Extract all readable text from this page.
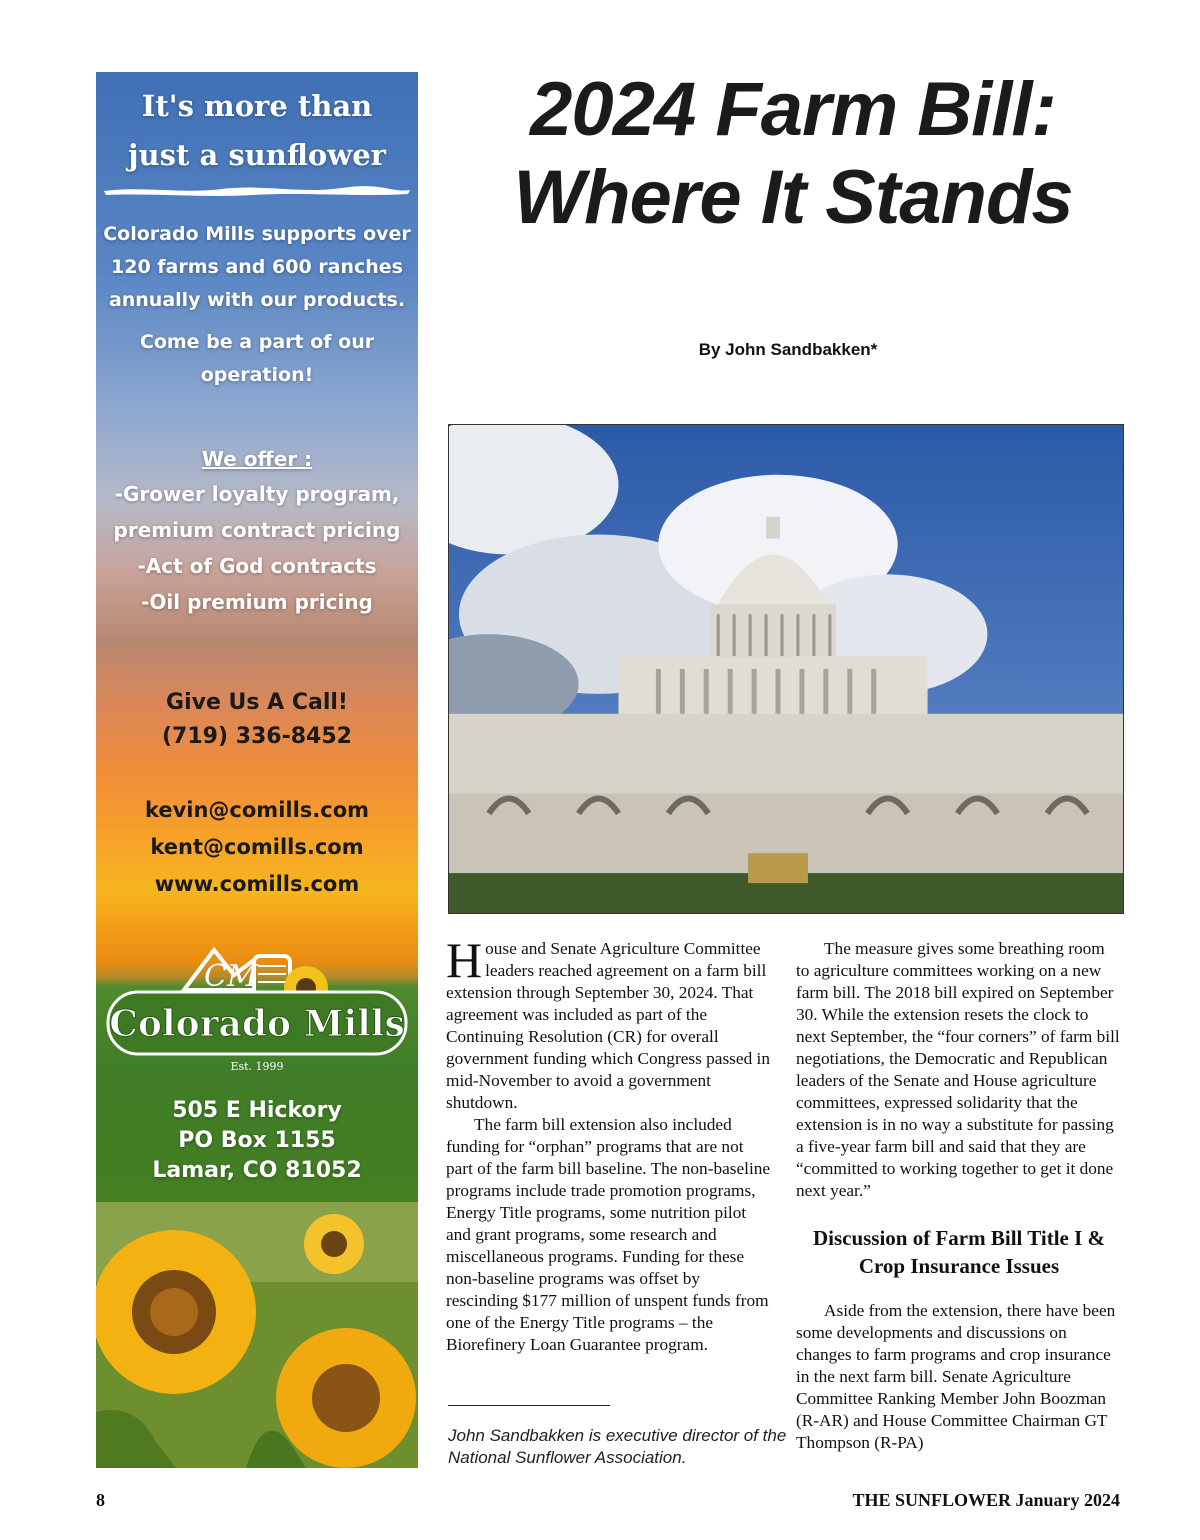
It's more than
just a sunflower
Colorado Mills supports over
120 farms and 600 ranches
annually with our products.
Come be a part of our
operation!
We offer :
-Grower loyalty program,
premium contract pricing
-Act of God contracts
-Oil premium pricing
Give Us A Call!
(719) 336-8452
kevin@comills.com
kent@comills.com
www.comills.com
CM
Colorado Mills
Est. 1999
505 E Hickory
PO Box 1155
Lamar, CO 81052
2024 Farm Bill:
Where It Stands
By John Sandbakken*

House and Senate Agriculture Committee leaders reached agreement on a farm bill extension through September 30, 2024. That agreement was included as part of the Continuing Resolution (CR) for overall government funding which Congress passed in mid-November to avoid a government shutdown.

The farm bill extension also included funding for “orphan” programs that are not part of the farm bill baseline. The non-baseline programs include trade promotion programs, Energy Title programs, some nutrition pilot and grant programs, some research and miscellaneous programs. Funding for these non-baseline programs was offset by rescinding $177 million of unspent funds from one of the Energy Title programs – the Biorefinery Loan Guarantee program.

The measure gives some breathing room to agriculture committees working on a new farm bill. The 2018 bill expired on September 30. While the extension resets the clock to next September, the “four corners” of farm bill negotiations, the Democratic and Republican leaders of the Senate and House agriculture committees, expressed solidarity that the extension is in no way a substitute for passing a five-year farm bill and said that they are “committed to working together to get it done next year.”

Discussion of Farm Bill Title I & Crop Insurance Issues

Aside from the extension, there have been some developments and discussions on changes to farm programs and crop insurance in the next farm bill. Senate Agriculture Committee Ranking Member John Boozman (R-AR) and House Committee Chairman GT Thompson (R-PA)

John Sandbakken is executive director of the National Sunflower Association.
8	THE SUNFLOWER January 2024
